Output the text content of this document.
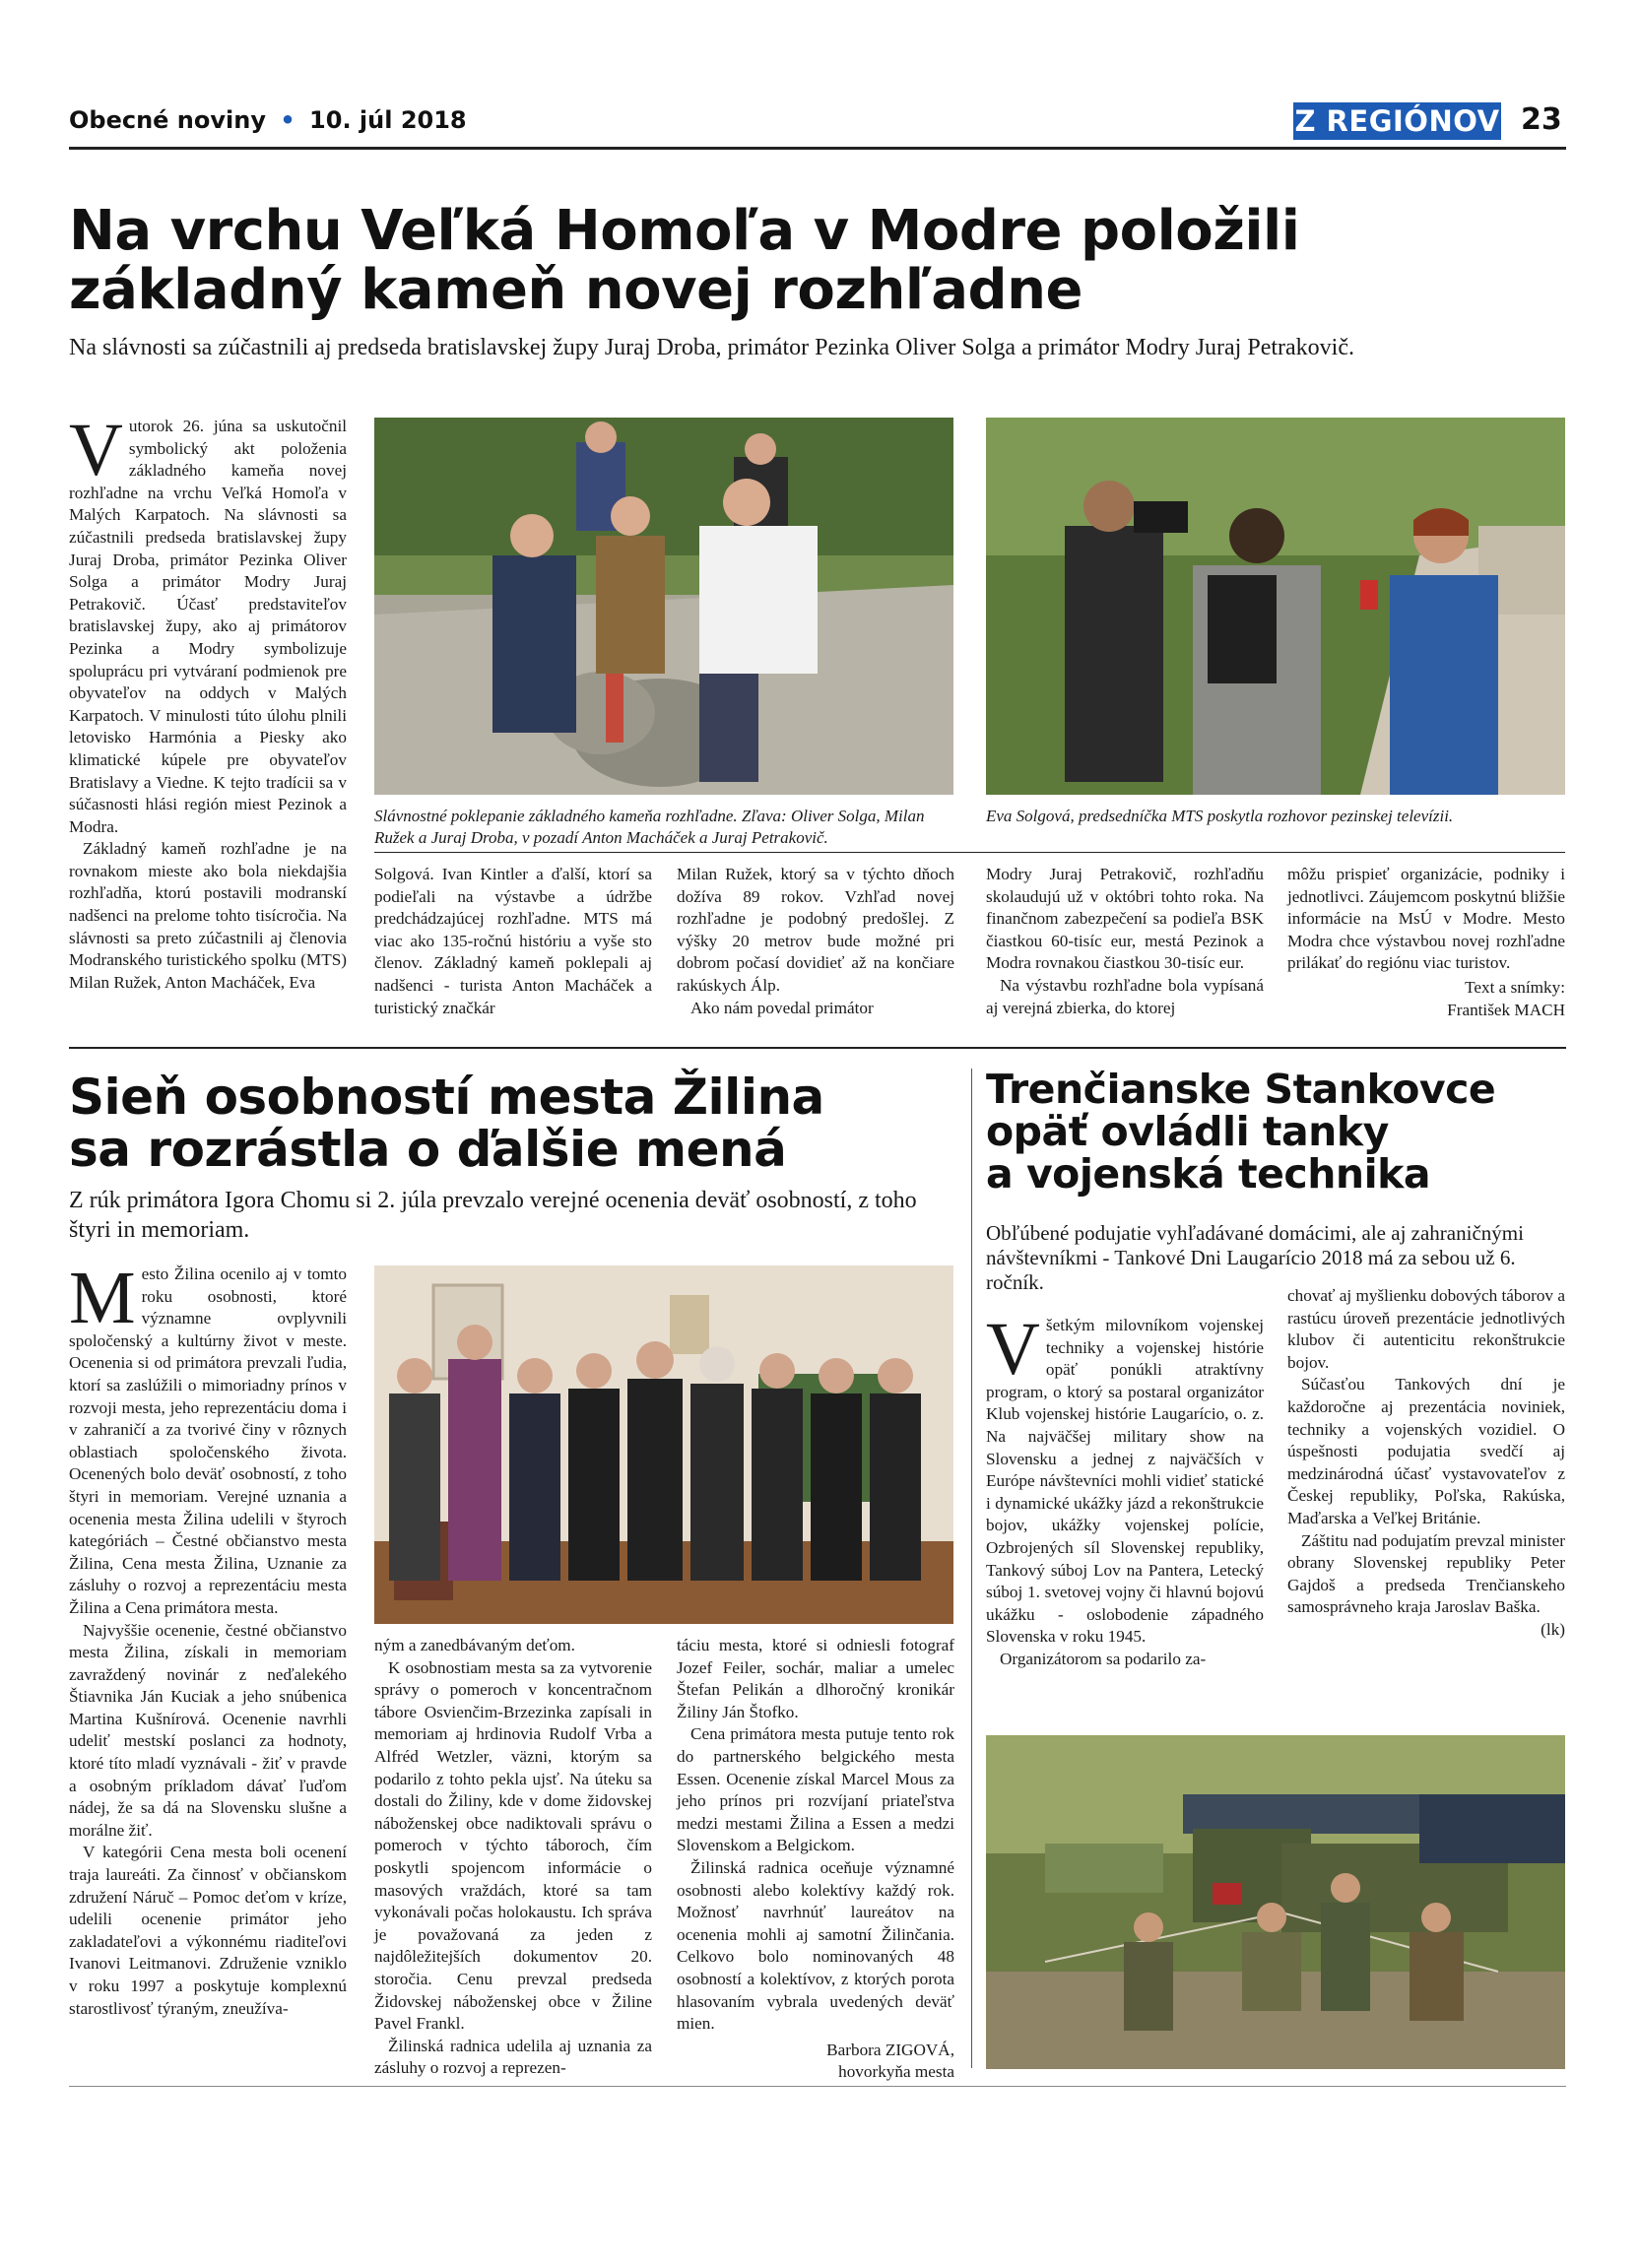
Obecné noviny • 10. júl 2018	Z REGIÓNOV 23
Na vrchu Veľká Homoľa v Modre položili základný kameň novej rozhľadne
Na slávnosti sa zúčastnili aj predseda bratislavskej župy Juraj Droba, primátor Pezinka Oliver Solga a primátor Modry Juraj Petrakovič.

Vutorok 26. júna sa uskutočnil symbolický akt položenia základného kameňa novej rozhľadne na vrchu Veľká Homoľa v Malých Karpatoch. Na slávnosti sa zúčastnili predseda bratislavskej župy Juraj Droba, primátor Pezinka Oliver Solga a primátor Modry Juraj Petrakovič. Účasť predstaviteľov bratislavskej župy, ako aj primátorov Pezinka a Modry symbolizuje spoluprácu pri vytváraní podmienok pre obyvateľov na oddych v Malých Karpatoch. V minulosti túto úlohu plnili letovisko Harmónia a Piesky ako klimatické kúpele pre obyvateľov Bratislavy a Viedne. K tejto tradícii sa v súčasnosti hlási región miest Pezinok a Modra.

Základný kameň rozhľadne je na rovnakom mieste ako bola niekdajšia rozhľadňa, ktorú postavili modranskí nadšenci na prelome tohto tisícročia. Na slávnosti sa preto zúčastnili aj členovia Modranského turistického spolku (MTS) Milan Ružek, Anton Macháček, Eva

Slávnostné poklepanie základného kameňa rozhľadne. Zľava: Oliver Solga, Milan Ružek a Juraj Droba, v pozadí Anton Macháček a Juraj Petrakovič.
Eva Solgová, predsedníčka MTS poskytla rozhovor pezinskej televízii.

Solgová. Ivan Kintler a ďalší, ktorí sa podieľali na výstavbe a údržbe predchádzajúcej rozhľadne. MTS má viac ako 135-ročnú históriu a vyše sto členov. Základný kameň poklepali aj nadšenci - turista Anton Macháček a turistický značkár

Milan Ružek, ktorý sa v týchto dňoch dožíva 89 rokov. Vzhľad novej rozhľadne je podobný predošlej. Z výšky 20 metrov bude možné pri dobrom počasí dovidieť až na končiare rakúskych Álp.

Ako nám povedal primátor

Modry Juraj Petrakovič, rozhľadňu skolaudujú už v októbri tohto roka. Na finančnom zabezpečení sa podieľa BSK čiastkou 60-tisíc eur, mestá Pezinok a Modra rovnakou čiastkou 30-tisíc eur.

Na výstavbu rozhľadne bola vypísaná aj verejná zbierka, do ktorej

môžu prispieť organizácie, podniky i jednotlivci. Záujemcom poskytnú bližšie informácie na MsÚ v Modre. Mesto Modra chce výstavbou novej rozhľadne prilákať do regiónu viac turistov.

Text a snímky:
František MACH
Sieň osobností mesta Žilina
sa rozrástla o ďalšie mená
Z rúk primátora Igora Chomu si 2. júla prevzalo verejné ocenenia deväť osobností, z toho štyri in memoriam.

Mesto Žilina ocenilo aj v tomto roku osobnosti, ktoré významne ovplyvnili spoločenský a kultúrny život v meste. Ocenenia si od primátora prevzali ľudia, ktorí sa zaslúžili o mimoriadny prínos v rozvoji mesta, jeho reprezentáciu doma i v zahraničí a za tvorivé činy v rôznych oblastiach spoločenského života. Ocenených bolo deväť osobností, z toho štyri in memoriam. Verejné uznania a ocenenia mesta Žilina udelili v štyroch kategóriách – Čestné občianstvo mesta Žilina, Cena mesta Žilina, Uznanie za zásluhy o rozvoj a reprezentáciu mesta Žilina a Cena primátora mesta.

Najvyššie ocenenie, čestné občianstvo mesta Žilina, získali in memoriam zavraždený novinár z neďalekého Štiavnika Ján Kuciak a jeho snúbenica Martina Kušnírová. Ocenenie navrhli udeliť mestskí poslanci za hodnoty, ktoré títo mladí vyznávali - žiť v pravde a osobným príkladom dávať ľuďom nádej, že sa dá na Slovensku slušne a morálne žiť.

V kategórii Cena mesta boli ocenení traja laureáti. Za činnosť v občianskom združení Náruč – Pomoc deťom v kríze, udelili ocenenie primátor jeho zakladateľovi a výkonnému riaditeľovi Ivanovi Leitmanovi. Združenie vzniklo v roku 1997 a poskytuje komplexnú starostlivosť týraným, zneužíva-

ným a zanedbávaným deťom.

K osobnostiam mesta sa za vytvorenie správy o pomeroch v koncentračnom tábore Osvienčim-Brzezinka zapísali in memoriam aj hrdinovia Rudolf Vrba a Alfréd Wetzler, väzni, ktorým sa podarilo z tohto pekla ujsť. Na úteku sa dostali do Žiliny, kde v dome židovskej náboženskej obce nadiktovali správu o pomeroch v týchto táboroch, čím poskytli spojencom informácie o masových vraždách, ktoré sa tam vykonávali počas holokaustu. Ich správa je považovaná za jeden z najdôležitejších dokumentov 20. storočia. Cenu prevzal predseda Židovskej náboženskej obce v Žiline Pavel Frankl.

Žilinská radnica udelila aj uznania za zásluhy o rozvoj a reprezen-

táciu mesta, ktoré si odniesli fotograf Jozef Feiler, sochár, maliar a umelec Štefan Pelikán a dlhoročný kronikár Žiliny Ján Štofko.

Cena primátora mesta putuje tento rok do partnerského belgického mesta Essen. Ocenenie získal Marcel Mous za jeho prínos pri rozvíjaní priateľstva medzi mestami Žilina a Essen a medzi Slovenskom a Belgickom.

Žilinská radnica oceňuje významné osobnosti alebo kolektívy každý rok. Možnosť navrhnúť laureátov na ocenenia mohli aj samotní Žilinčania. Celkovo bolo nominovaných 48 osobností a kolektívov, z ktorých porota hlasovaním vybrala uvedených deväť mien.

Barbora ZIGOVÁ,
hovorkyňa mesta
Trenčianske Stankovce
opäť ovládli tanky
a vojenská technika
Obľúbené podujatie vyhľadávané domácimi, ale aj zahraničnými návštevníkmi - Tankové Dni Laugarício 2018 má za sebou už 6. ročník.

Všetkým milovníkom vojenskej techniky a vojenskej histórie opäť ponúkli atraktívny program, o ktorý sa postaral organizátor Klub vojenskej histórie Laugarício, o. z. Na najväčšej military show na Slovensku a jednej z najväčších v Európe návštevníci mohli vidieť statické i dynamické ukážky jázd a rekonštrukcie bojov, ukážky vojenskej polície, Ozbrojených síl Slovenskej republiky, Tankový súboj Lov na Pantera, Letecký súboj 1. svetovej vojny či hlavnú bojovú ukážku - oslobodenie západného Slovenska v roku 1945.

Organizátorom sa podarilo za-

chovať aj myšlienku dobových táborov a rastúcu úroveň prezentácie jednotlivých klubov či autenticitu rekonštrukcie bojov.

Súčasťou Tankových dní je každoročne aj prezentácia noviniek, techniky a vojenských vozidiel. O úspešnosti podujatia svedčí aj medzinárodná účasť vystavovateľov z Českej republiky, Poľska, Rakúska, Maďarska a Veľkej Británie.

Záštitu nad podujatím prevzal minister obrany Slovenskej republiky Peter Gajdoš a predseda Trenčianskeho samosprávneho kraja Jaroslav Baška.

(lk)
